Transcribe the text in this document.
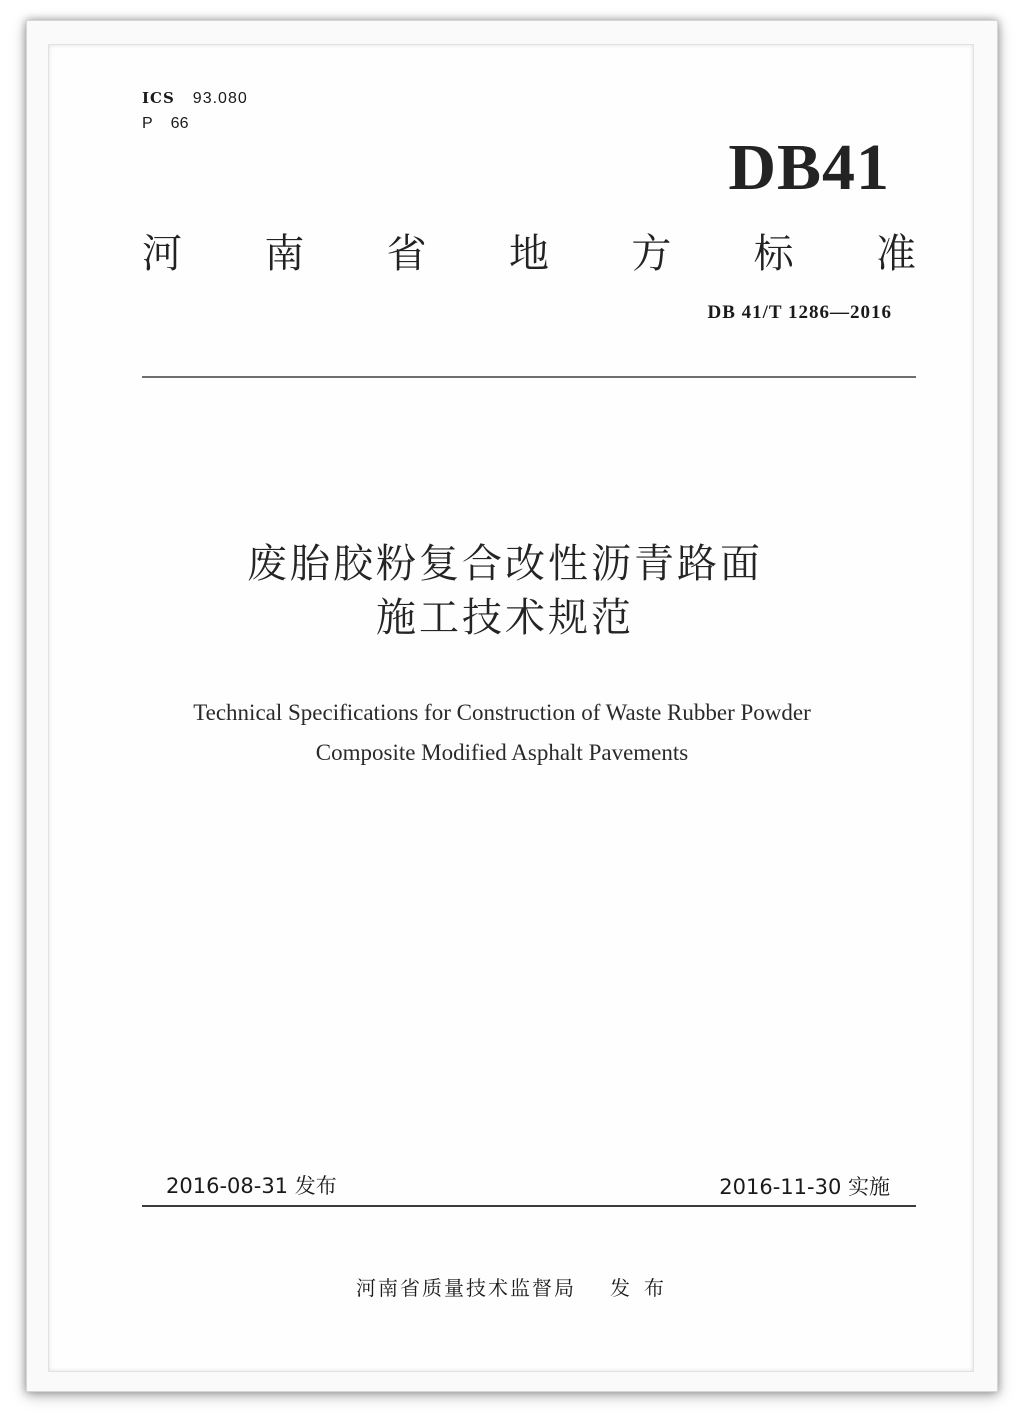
ICS 93.080
P 66
DB41
河 南 省 地 方 标 准
DB 41/T 1286—2016
废胎胶粉复合改性沥青路面
施工技术规范
Technical Specifications for Construction of Waste Rubber Powder
Composite Modified Asphalt Pavements
2016-08-31 发布	2016-11-30 实施
河南省质量技术监督局 发布
